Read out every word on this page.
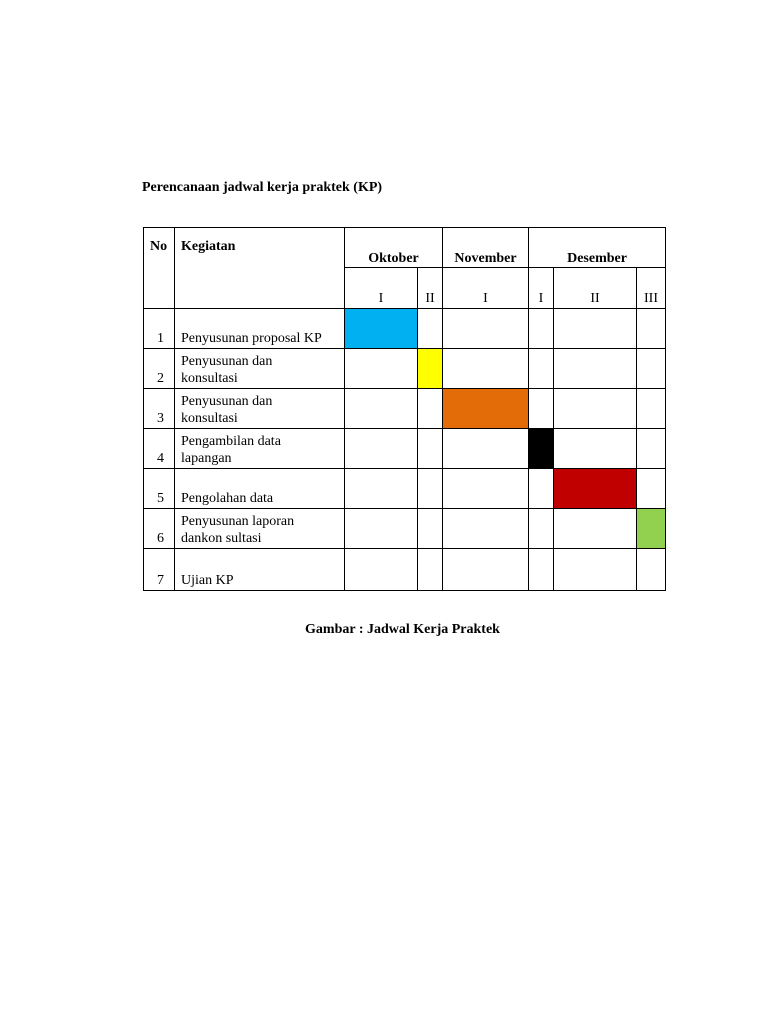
Perencanaan jadwal kerja praktek (KP)
No	Kegiatan	Oktober		November	Desember		
		I	II	I	I	II	III
1	Penyusunan proposal KP						

2	Penyusunan dan
konsultasi						

3	Penyusunan dan
konsultasi						

4	Pengambilan data
lapangan						

5	Pengolahan data						

6	Penyusunan laporan
dankon sultasi						

7	Ujian KP						

Gambar : Jadwal Kerja Praktek
